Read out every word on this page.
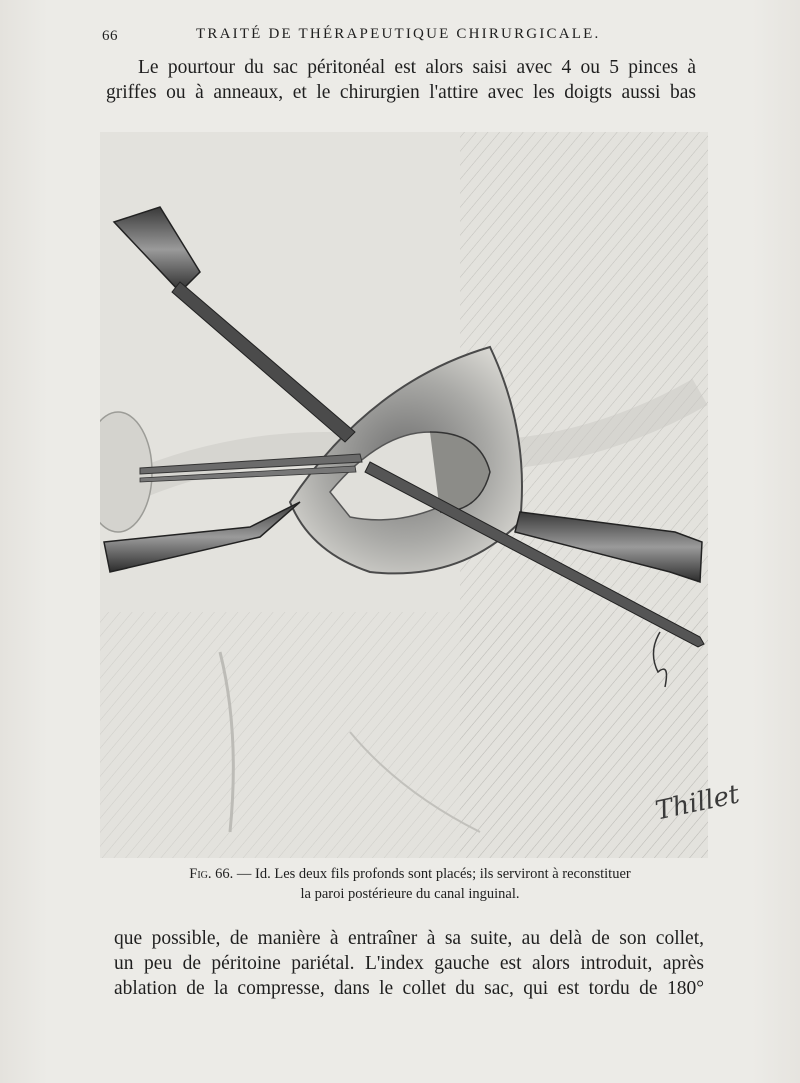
66	TRAITÉ DE THÉRAPEUTIQUE CHIRURGICALE.

Le pourtour du sac péritonéal est alors saisi avec 4 ou 5 pinces à
griffes ou à anneaux, et le chirurgien l'attire avec les doigts aussi bas

Thillet
Fig. 66. — Id. Les deux fils profonds sont placés; ils serviront à reconstituer
la paroi postérieure du canal inguinal.

que possible, de manière à entraîner à sa suite, au delà de son collet,
un peu de péritoine pariétal. L'index gauche est alors introduit, après
ablation de la compresse, dans le collet du sac, qui est tordu de 180°
